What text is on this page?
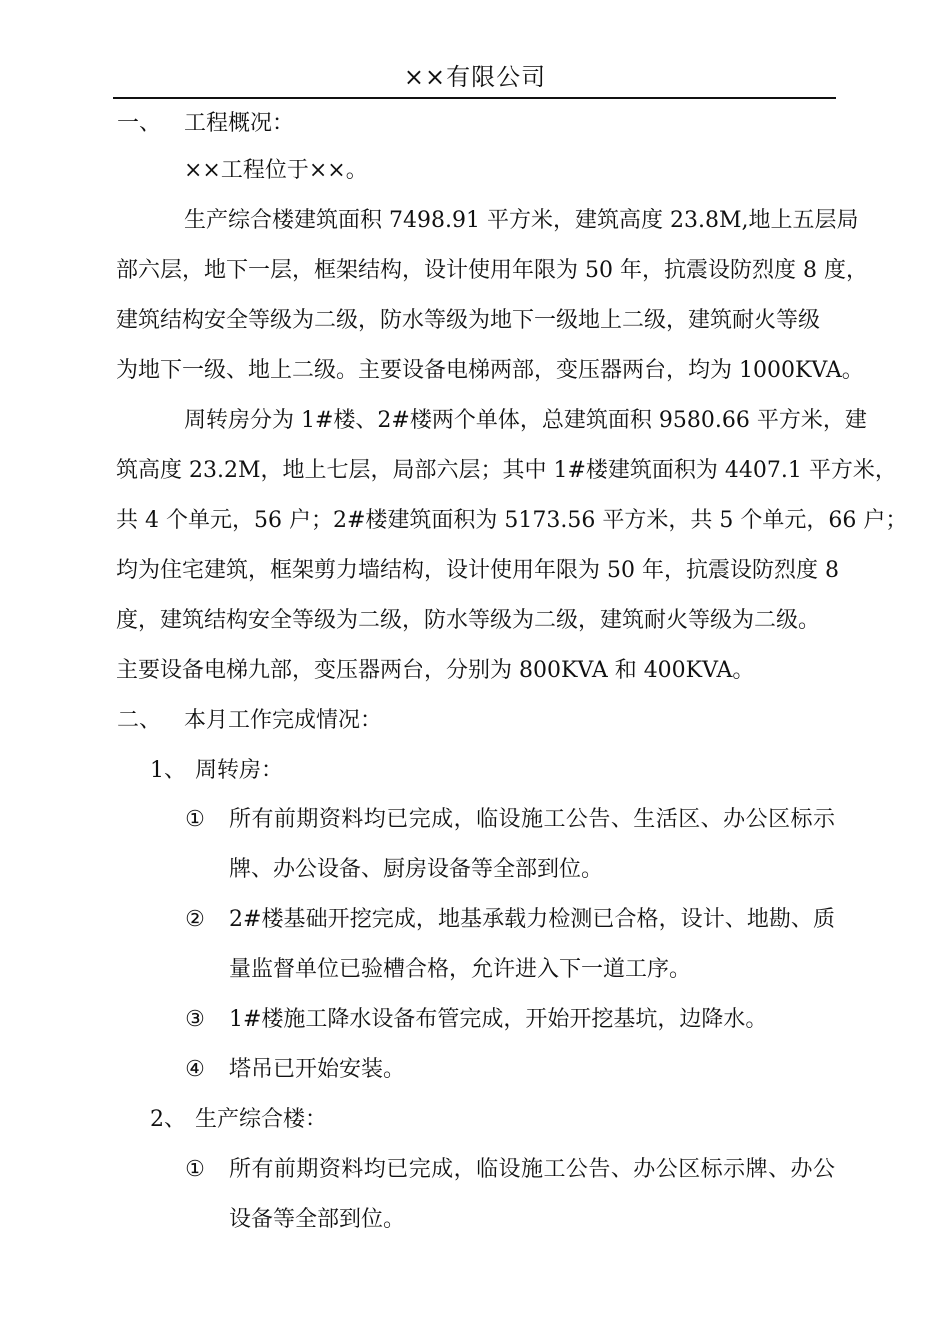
××有限公司
一、 工程概况：
××工程位于××。
生产综合楼建筑面积 7498.91 平方米，建筑高度 23.8M,地上五层局
部六层，地下一层，框架结构，设计使用年限为 50 年，抗震设防烈度 8 度，
建筑结构安全等级为二级，防水等级为地下一级地上二级，建筑耐火等级
为地下一级、地上二级。主要设备电梯两部，变压器两台，均为 1000KVA。
周转房分为 1#楼、2#楼两个单体，总建筑面积 9580.66 平方米，建
筑高度 23.2M，地上七层，局部六层；其中 1#楼建筑面积为 4407.1 平方米，
共 4 个单元，56 户；2#楼建筑面积为 5173.56 平方米，共 5 个单元，66 户；
均为住宅建筑，框架剪力墙结构，设计使用年限为 50 年，抗震设防烈度 8
度，建筑结构安全等级为二级，防水等级为二级，建筑耐火等级为二级。
主要设备电梯九部，变压器两台，分别为 800KVA 和 400KVA。
二、 本月工作完成情况：
1、 周转房：
① 所有前期资料均已完成，临设施工公告、生活区、办公区标示牌、办公设备、厨房设备等全部到位。
② 2#楼基础开挖完成，地基承载力检测已合格，设计、地勘、质量监督单位已验槽合格，允许进入下一道工序。
③ 1#楼施工降水设备布管完成，开始开挖基坑，边降水。
④ 塔吊已开始安装。
2、 生产综合楼：
① 所有前期资料均已完成，临设施工公告、办公区标示牌、办公设备等全部到位。
